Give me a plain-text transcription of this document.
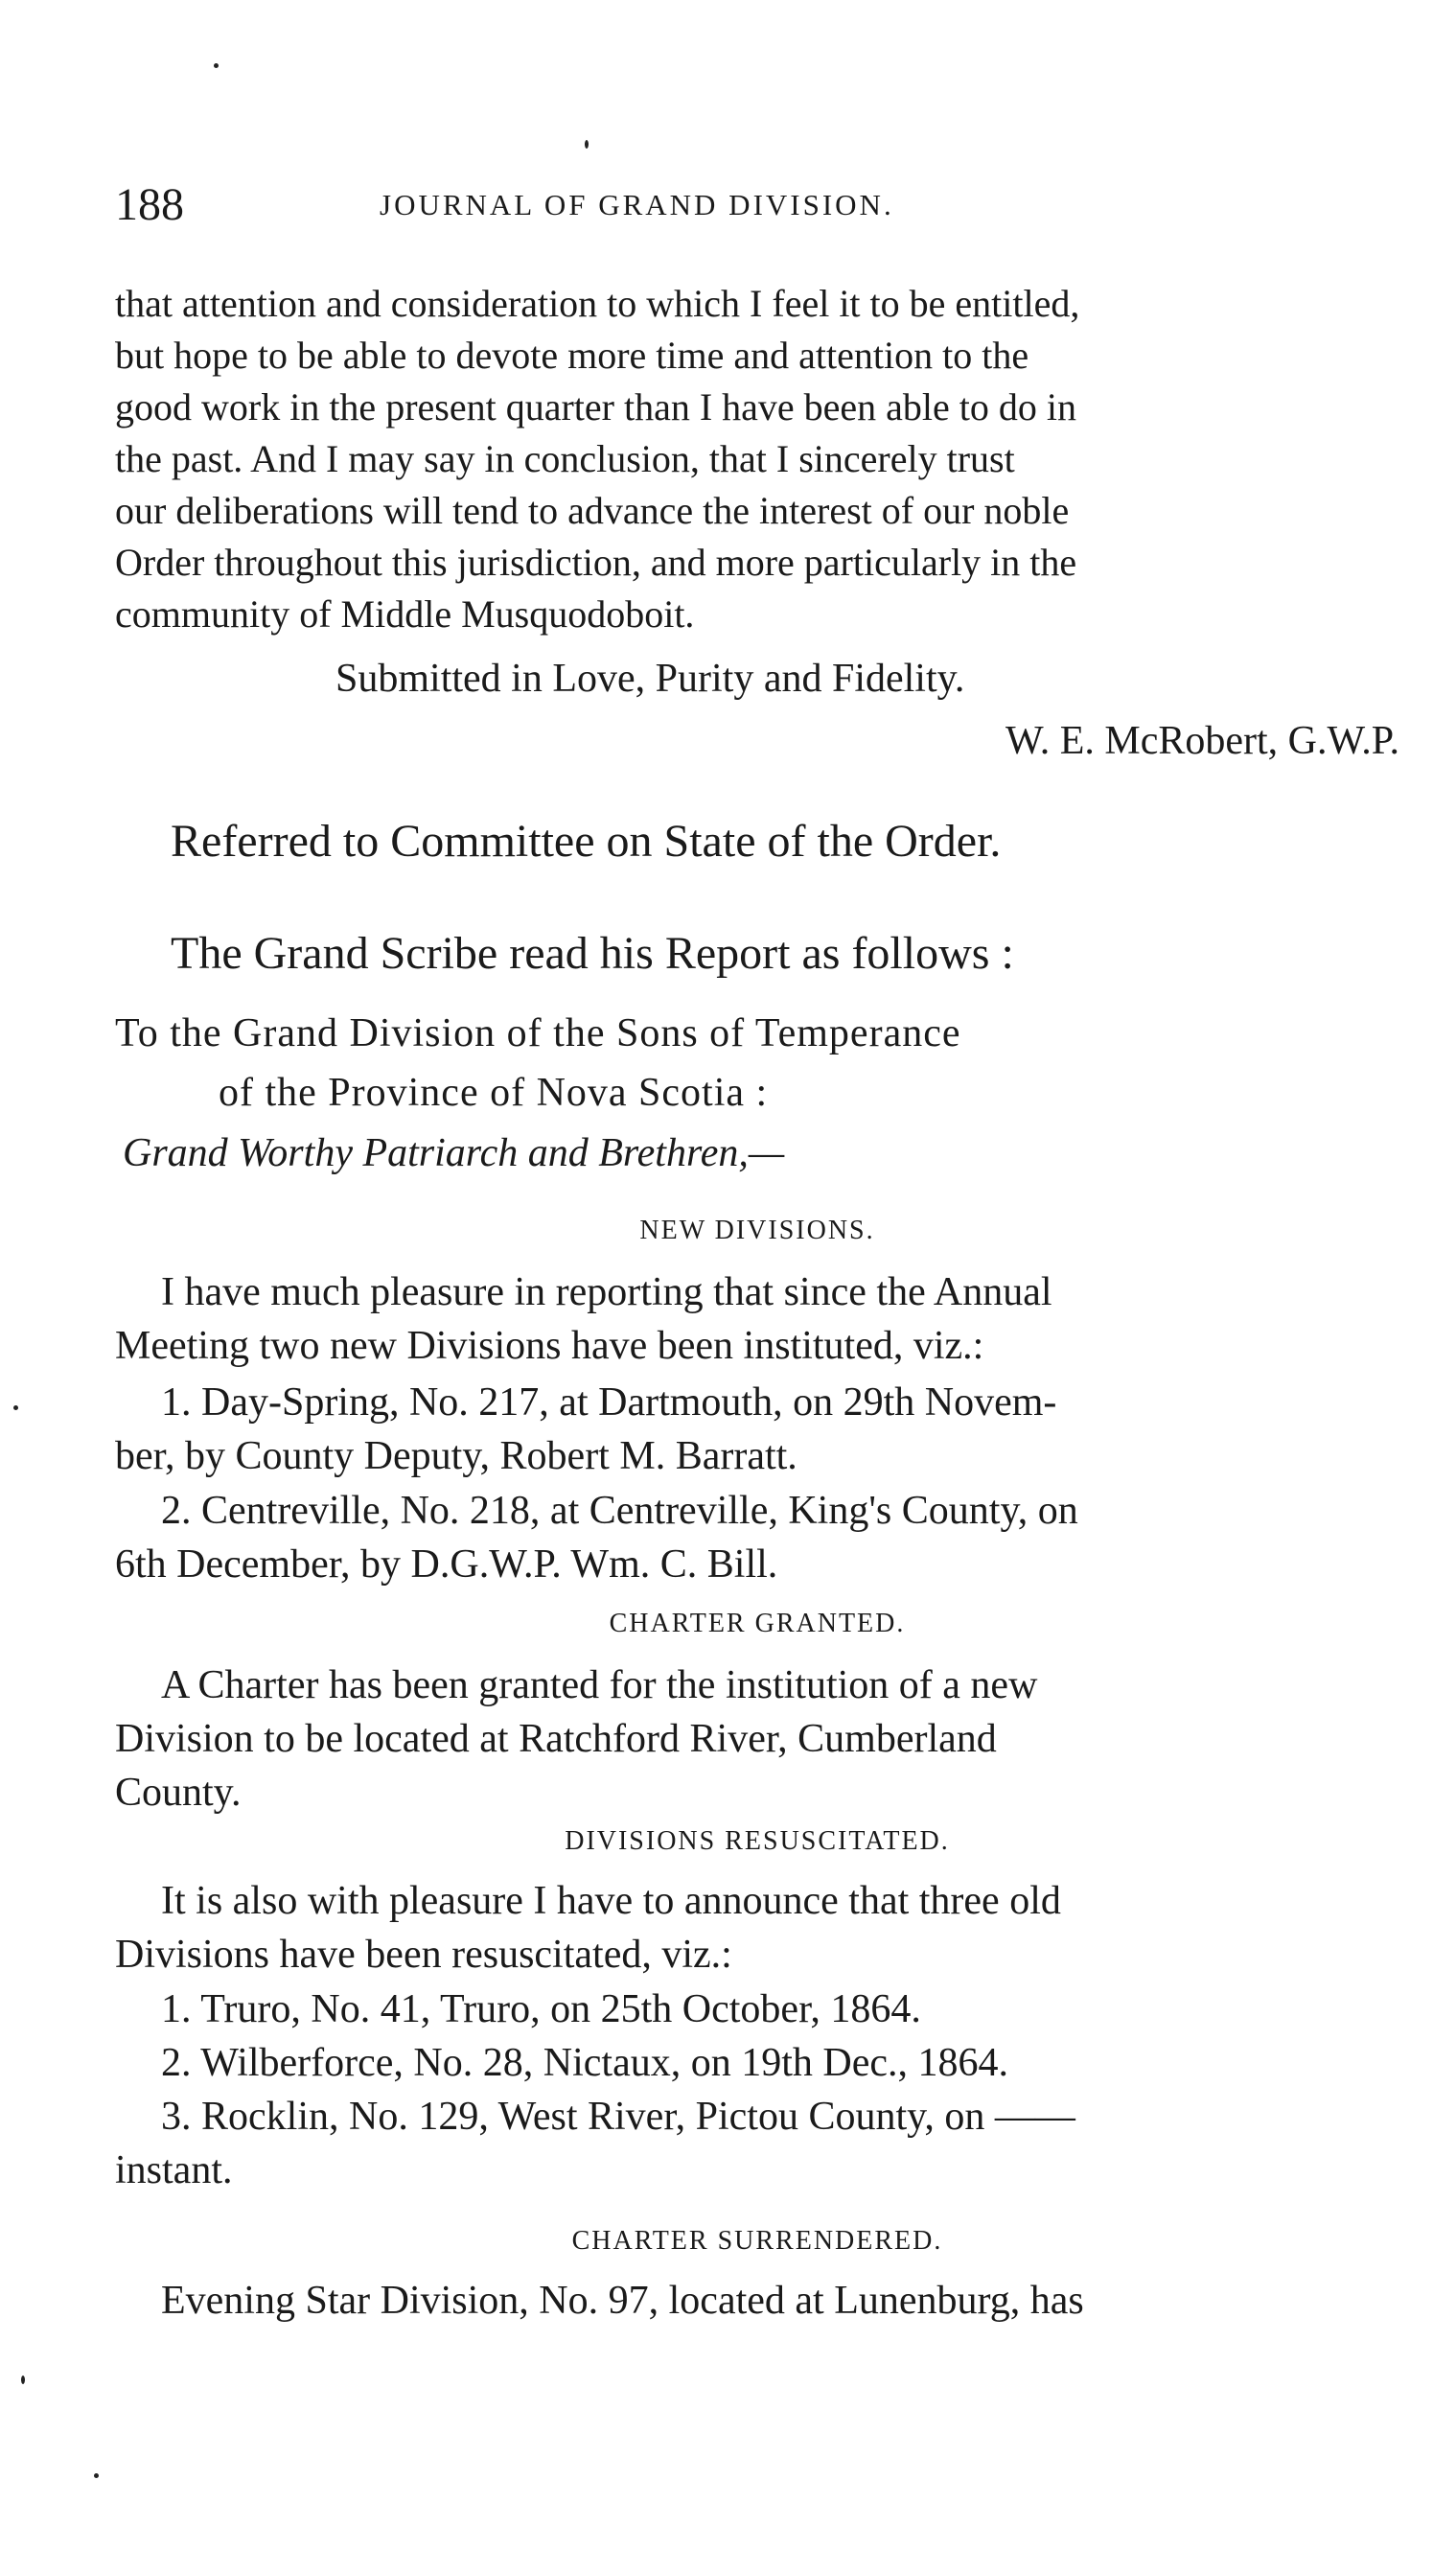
188	JOURNAL OF GRAND DIVISION.
that attention and consideration to which I feel it to be entitled,
but hope to be able to devote more time and attention to the
good work in the present quarter than I have been able to do in
the past. And I may say in conclusion, that I sincerely trust
our deliberations will tend to advance the interest of our noble
Order throughout this jurisdiction, and more particularly in the
community of Middle Musquodoboit.
Submitted in Love, Purity and Fidelity.
W. E. McRobert, G.W.P.
Referred to Committee on State of the Order.
The Grand Scribe read his Report as follows :
To the Grand Division of the Sons of Temperance
of the Province of Nova Scotia :
Grand Worthy Patriarch and Brethren,—
NEW DIVISIONS.
I have much pleasure in reporting that since the Annual
Meeting two new Divisions have been instituted, viz.:
1. Day-Spring, No. 217, at Dartmouth, on 29th Novem-
ber, by County Deputy, Robert M. Barratt.
2. Centreville, No. 218, at Centreville, King's County, on
6th December, by D.G.W.P. Wm. C. Bill.
CHARTER GRANTED.
A Charter has been granted for the institution of a new
Division to be located at Ratchford River, Cumberland
County.
DIVISIONS RESUSCITATED.
It is also with pleasure I have to announce that three old
Divisions have been resuscitated, viz.:
1. Truro, No. 41, Truro, on 25th October, 1864.
2. Wilberforce, No. 28, Nictaux, on 19th Dec., 1864.
3. Rocklin, No. 129, West River, Pictou County, on ——
instant.
CHARTER SURRENDERED.
Evening Star Division, No. 97, located at Lunenburg, has
